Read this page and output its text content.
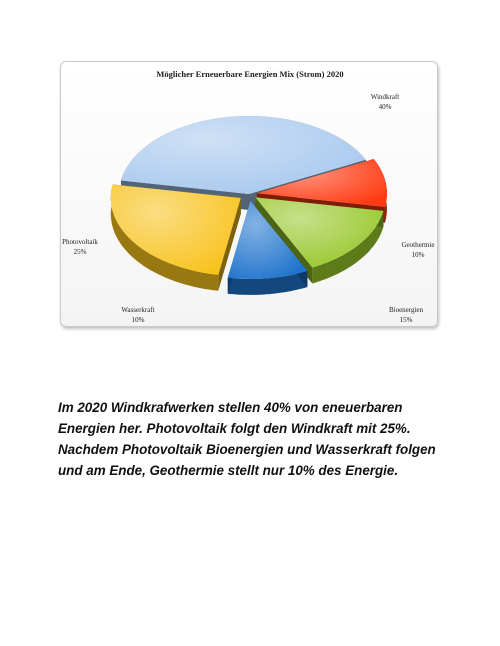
Möglicher Erneuerbare Energien Mix (Strom) 2020
Windkraft
40%
Geothermie
10%
Bioenergien
15%
Wasserkraft
10%
Photovoltaik
25%

Im 2020 Windkrafwerken stellen 40% von eneuerbaren Energien her. Photovoltaik folgt den Windkraft mit 25%. Nachdem Photovoltaik Bioenergien und Wasserkraft folgen und am Ende, Geothermie stellt nur 10% des Energie.
